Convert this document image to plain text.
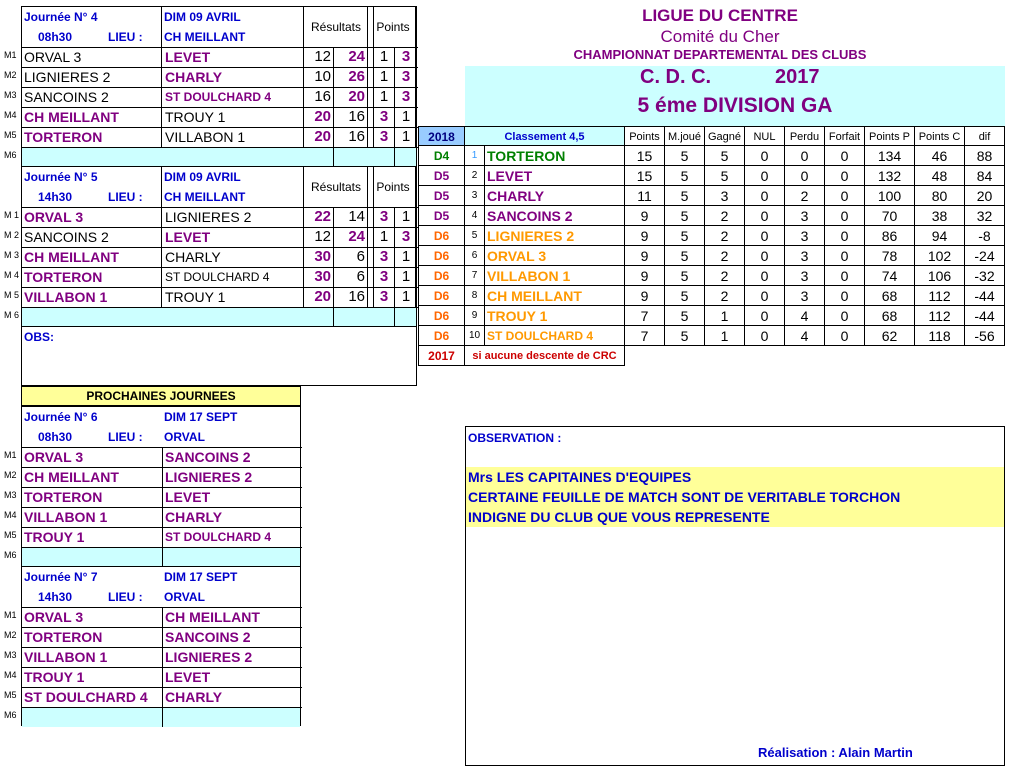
LIGUE DU CENTRE
Comité du Cher
CHAMPIONNAT DEPARTEMENTAL DES CLUBS
C. D. C.	2017
5 éme DIVISION GA
Journée N° 4	DIM 09 AVRIL
08h30	LIEU :	CH MEILLANT
Résultats	Points
ORVAL 3	LEVET	12	24 1 3
LIGNIERES 2	CHARLY	10	26 1 3
SANCOINS 2	ST DOULCHARD 4	16	20 1 3
CH MEILLANT	TROUY 1	20	16 3 1
TORTERON	VILLABON 1	20	16 3 1
M1
M2
M3
M4
M5
M6
Journée N° 5	DIM 09 AVRIL
14h30	LIEU :	CH MEILLANT
Résultats	Points
ORVAL 3	LIGNIERES 2	22	14 3 1
SANCOINS 2	LEVET	12	24 1 3
CH MEILLANT	CHARLY	30	6 3 1
TORTERON	ST DOULCHARD 4	30	6 3 1
VILLABON 1	TROUY 1	20	16 3 1
M 1
M 2
M 3
M 4
M 5
M 6
OBS:
PROCHAINES JOURNEES
Journée N° 6	DIM 17 SEPT
08h30	LIEU :	ORVAL
ORVAL 3	SANCOINS 2
CH MEILLANT	LIGNIERES 2
TORTERON	LEVET
VILLABON 1	CHARLY
TROUY 1	ST DOULCHARD 4
M1
M2
M3
M4
M5
M6
Journée N° 7	DIM 17 SEPT
14h30	LIEU :	ORVAL
ORVAL 3	CH MEILLANT
TORTERON	SANCOINS 2
VILLABON 1	LIGNIERES 2
TROUY 1	LEVET
ST DOULCHARD 4	CHARLY
M1
M2
M3
M4
M5
M6
2018	Classement 4,5	Points M.joué Gagné	NUL	Perdu Forfait Points P Points C	dif
D4	1 TORTERON	15	5	5	0	0	0	134	46	88
D5	2 LEVET	15	5	5	0	0	0	132	48	84
D5	3 CHARLY	11	5	3	0	2	0	100	80	20
D5	4 SANCOINS 2	9	5	2	0	3	0	70	38	32
D6	5 LIGNIERES 2	9	5	2	0	3	0	86	94	-8
D6	6 ORVAL 3	9	5	2	0	3	0	78	102	-24
D6	7 VILLABON 1	9	5	2	0	3	0	74	106	-32
D6	8 CH MEILLANT	9	5	2	0	3	0	68	112	-44
D6	9 TROUY 1	7	5	1	0	4	0	68	112	-44
D6	10 ST DOULCHARD 4	7	5	1	0	4	0	62	118	-56
2017	si aucune descente de CRC
OBSERVATION :
Mrs LES CAPITAINES D'EQUIPES
CERTAINE FEUILLE DE MATCH SONT DE VERITABLE TORCHON
INDIGNE DU CLUB QUE VOUS REPRESENTE
Réalisation : Alain Martin
